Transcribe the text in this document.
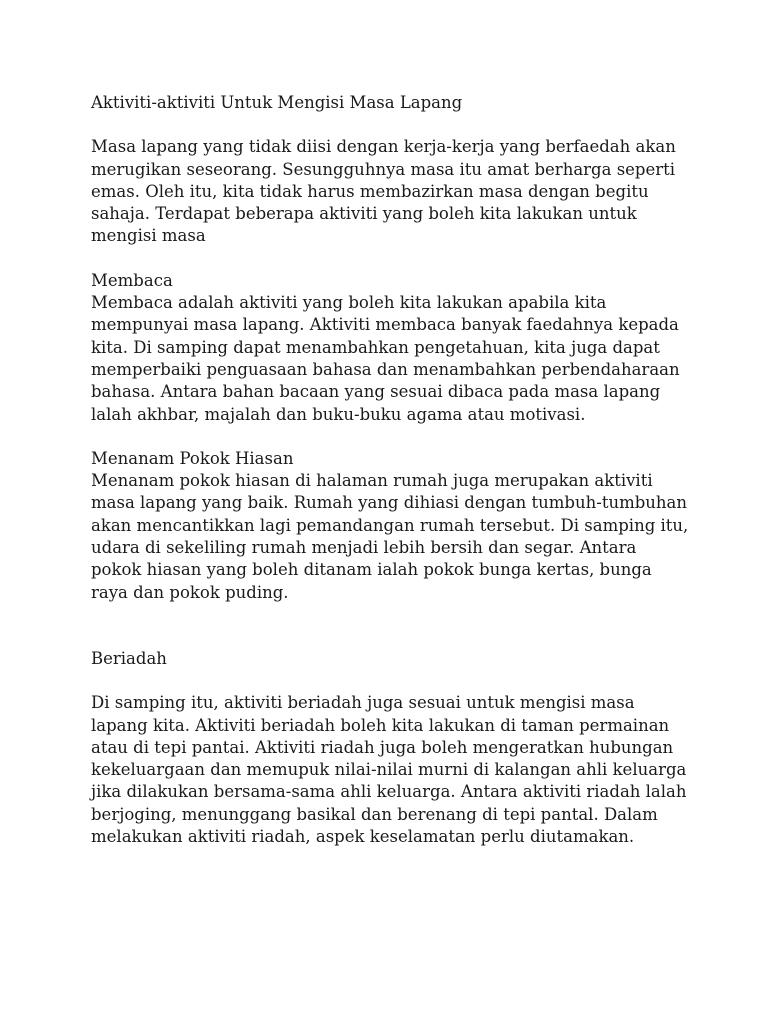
Aktiviti-aktiviti Untuk Mengisi Masa Lapang

Masa lapang yang tidak diisi dengan kerja-kerja yang berfaedah akan merugikan seseorang. Sesungguhnya masa itu amat berharga seperti emas. Oleh itu, kita tidak harus membazirkan masa dengan begitu sahaja. Terdapat beberapa aktiviti yang boleh kita lakukan untuk mengisi masa

Membaca

Membaca adalah aktiviti yang boleh kita lakukan apabila kita mempunyai masa lapang. Aktiviti membaca banyak faedahnya kepada kita. Di samping dapat menambahkan pengetahuan, kita juga dapat memperbaiki penguasaan bahasa dan menambahkan perbendaharaan bahasa. Antara bahan bacaan yang sesuai dibaca pada masa lapang lalah akhbar, majalah dan buku-buku agama atau motivasi.

Menanam Pokok Hiasan

Menanam pokok hiasan di halaman rumah juga merupakan aktiviti masa lapang yang baik. Rumah yang dihiasi dengan tumbuh-tumbuhan akan mencantikkan lagi pemandangan rumah tersebut. Di samping itu, udara di sekeliling rumah menjadi lebih bersih dan segar. Antara pokok hiasan yang boleh ditanam ialah pokok bunga kertas, bunga raya dan pokok puding.

Beriadah

Di samping itu, aktiviti beriadah juga sesuai untuk mengisi masa lapang kita. Aktiviti beriadah boleh kita lakukan di taman permainan atau di tepi pantai. Aktiviti riadah juga boleh mengeratkan hubungan kekeluargaan dan memupuk nilai-nilai murni di kalangan ahli keluarga jika dilakukan bersama-sama ahli keluarga. Antara aktiviti riadah lalah berjoging, menunggang basikal dan berenang di tepi pantal. Dalam melakukan aktiviti riadah, aspek keselamatan perlu diutamakan.
